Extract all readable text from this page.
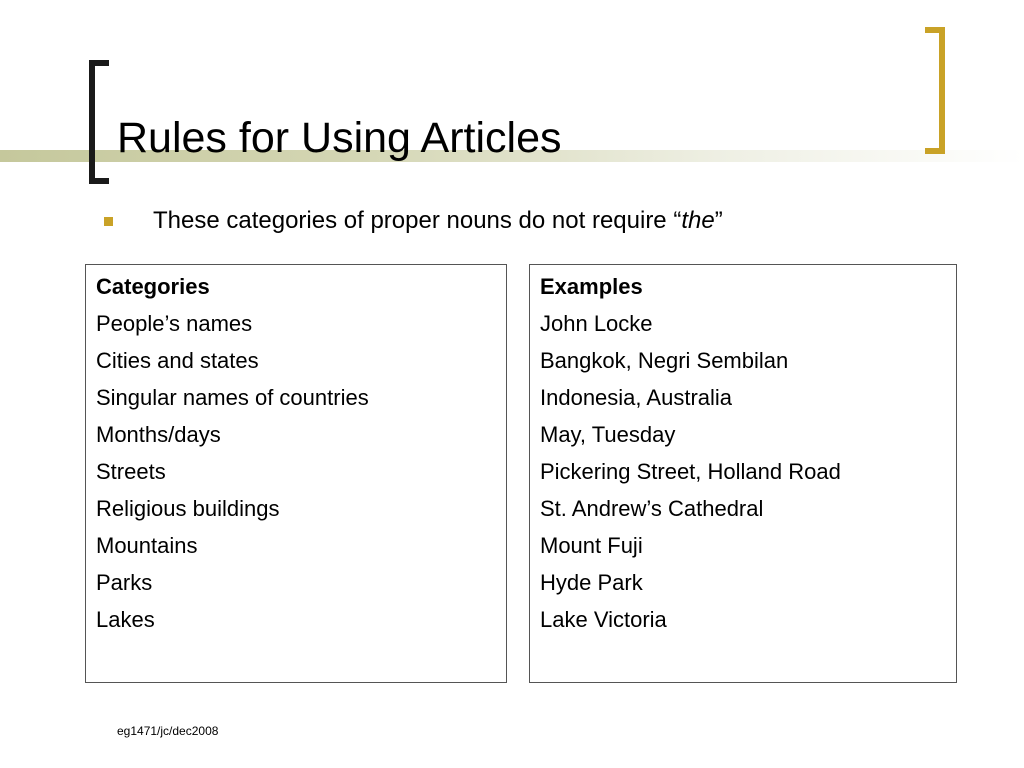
Rules for Using Articles
These categories of proper nouns do not require “the”
Categories
People’s names
Cities and states
Singular names of countries
Months/days
Streets
Religious buildings
Mountains
Parks
Lakes
Examples
John Locke
Bangkok, Negri Sembilan
Indonesia, Australia
May, Tuesday
Pickering Street, Holland Road
St. Andrew’s Cathedral
Mount Fuji
Hyde Park
Lake Victoria
eg1471/jc/dec2008
